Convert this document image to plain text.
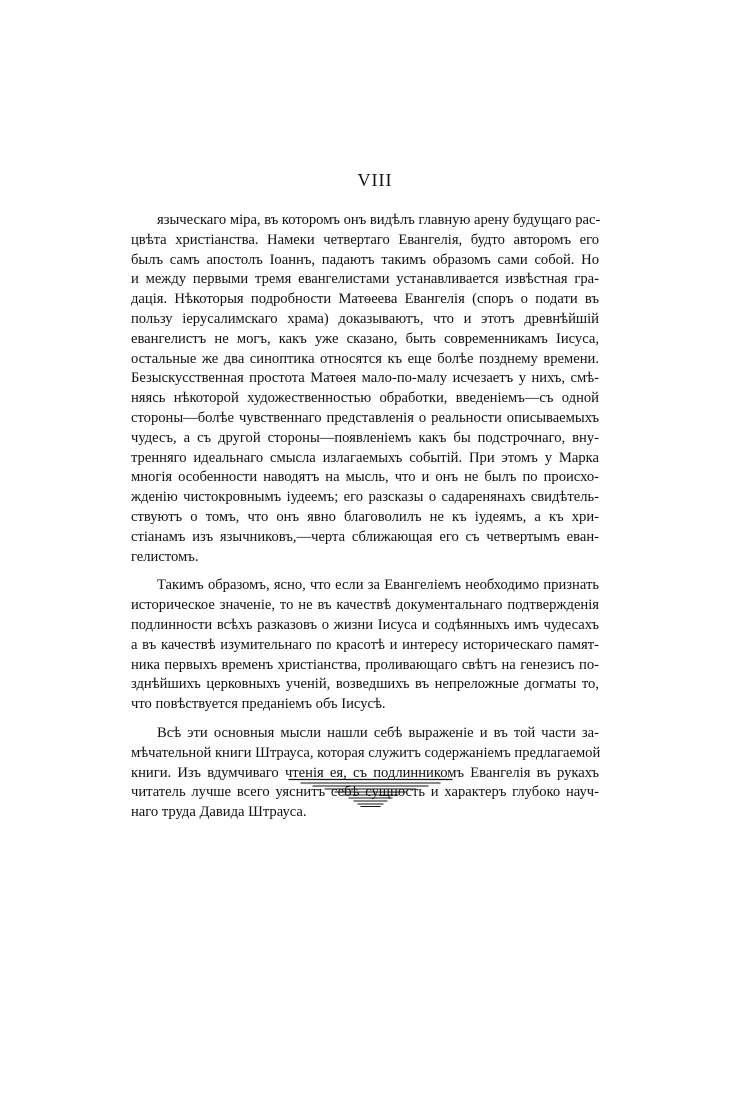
VIII
языческаго міра, въ которомъ онъ видѣлъ главную арену будущаго рас-
цвѣта христіанства. Намеки четвертаго Евангелія, будто авторомъ его
былъ самъ апостолъ Іоаннъ, падаютъ такимъ образомъ сами собой. Но
и между первыми тремя евангелистами устанавливается извѣстная гра-
дація. Нѣкоторыя подробности Матѳеева Евангелія (споръ о подати въ
пользу іерусалимскаго храма) доказываютъ, что и этотъ древнѣйшій
евангелистъ не могъ, какъ уже сказано, быть современникамъ Іисуса,
остальные же два синоптика относятся къ еще болѣе позднему времени.
Безыскусственная простота Матѳея мало-по-малу исчезаетъ у нихъ, смѣ-
няясь нѣкоторой художественностью обработки, введеніемъ—съ одной
стороны—болѣе чувственнаго представленія о реальности описываемыхъ
чудесъ, а съ другой стороны—появленіемъ какъ бы подстрочнаго, вну-
тренняго идеальнаго смысла излагаемыхъ событій. При этомъ у Марка
многія особенности наводятъ на мысль, что и онъ не былъ по происхо-
жденію чистокровнымъ іудеемъ; его разсказы о садаренянахъ свидѣтель-
ствуютъ о томъ, что онъ явно благоволилъ не къ іудеямъ, а къ хри-
стіанамъ изъ язычниковъ,—черта сближающая его съ четвертымъ еван-
гелистомъ.
Такимъ образомъ, ясно, что если за Евангеліемъ необходимо признать
историческое значеніе, то не въ качествѣ документальнаго подтвержденія
подлинности всѣхъ разказовъ о жизни Іисуса и содѣянныхъ имъ чудесахъ
а въ качествѣ изумительнаго по красотѣ и интересу историческаго памят-
ника первыхъ временъ христіанства, проливающаго свѣтъ на генезисъ по-
зднѣйшихъ церковныхъ ученій, возведшихъ въ непреложные догматы то,
что повѣствуется преданіемъ объ Іисусѣ.
Всѣ эти основныя мысли нашли себѣ выраженіе и въ той части за-
мѣчательной книги Штрауса, которая служитъ содержаніемъ предлагаемой
книги. Изъ вдумчиваго чтенія ея, съ подлинникомъ Евангелія въ рукахъ
читатель лучше всего уяснитъ себѣ сущность и характеръ глубоко науч-
наго труда Давида Штрауса.
